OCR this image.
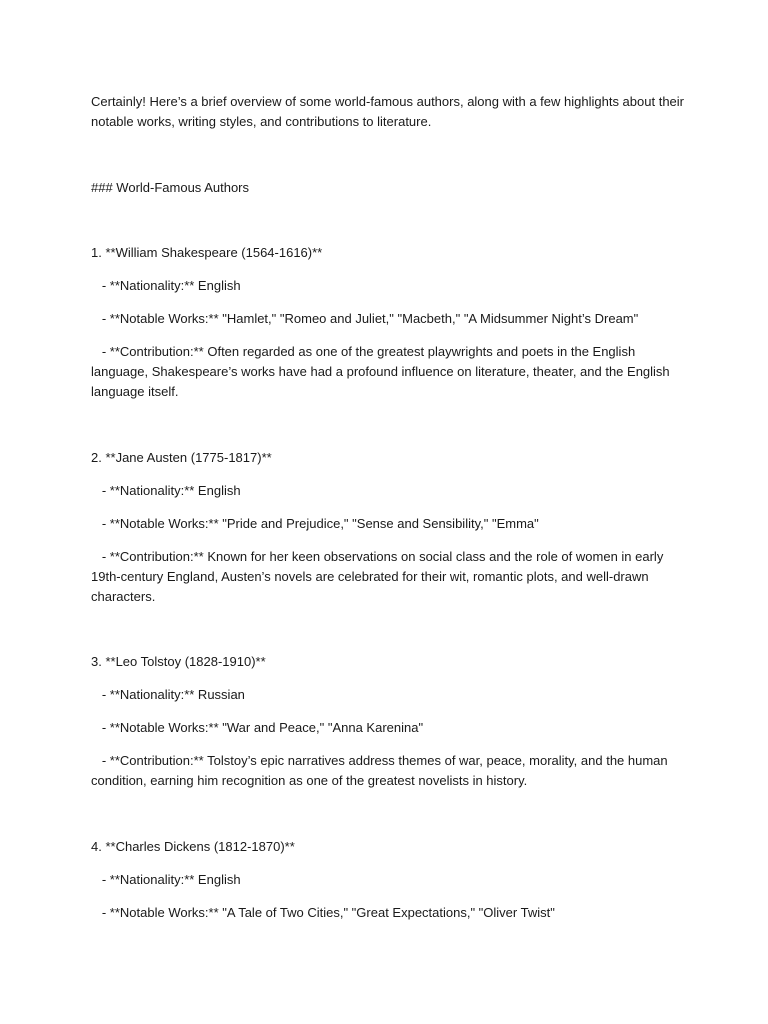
Certainly! Here’s a brief overview of some world-famous authors, along with a few highlights about their notable works, writing styles, and contributions to literature.
### World-Famous Authors
1. **William Shakespeare (1564-1616)**
- **Nationality:** English
- **Notable Works:** "Hamlet," "Romeo and Juliet," "Macbeth," "A Midsummer Night’s Dream"
- **Contribution:** Often regarded as one of the greatest playwrights and poets in the English language, Shakespeare’s works have had a profound influence on literature, theater, and the English language itself.
2. **Jane Austen (1775-1817)**
- **Nationality:** English
- **Notable Works:** "Pride and Prejudice," "Sense and Sensibility," "Emma"
- **Contribution:** Known for her keen observations on social class and the role of women in early 19th-century England, Austen’s novels are celebrated for their wit, romantic plots, and well-drawn characters.
3. **Leo Tolstoy (1828-1910)**
- **Nationality:** Russian
- **Notable Works:** "War and Peace," "Anna Karenina"
- **Contribution:** Tolstoy’s epic narratives address themes of war, peace, morality, and the human condition, earning him recognition as one of the greatest novelists in history.
4. **Charles Dickens (1812-1870)**
- **Nationality:** English
- **Notable Works:** "A Tale of Two Cities," "Great Expectations," "Oliver Twist"
